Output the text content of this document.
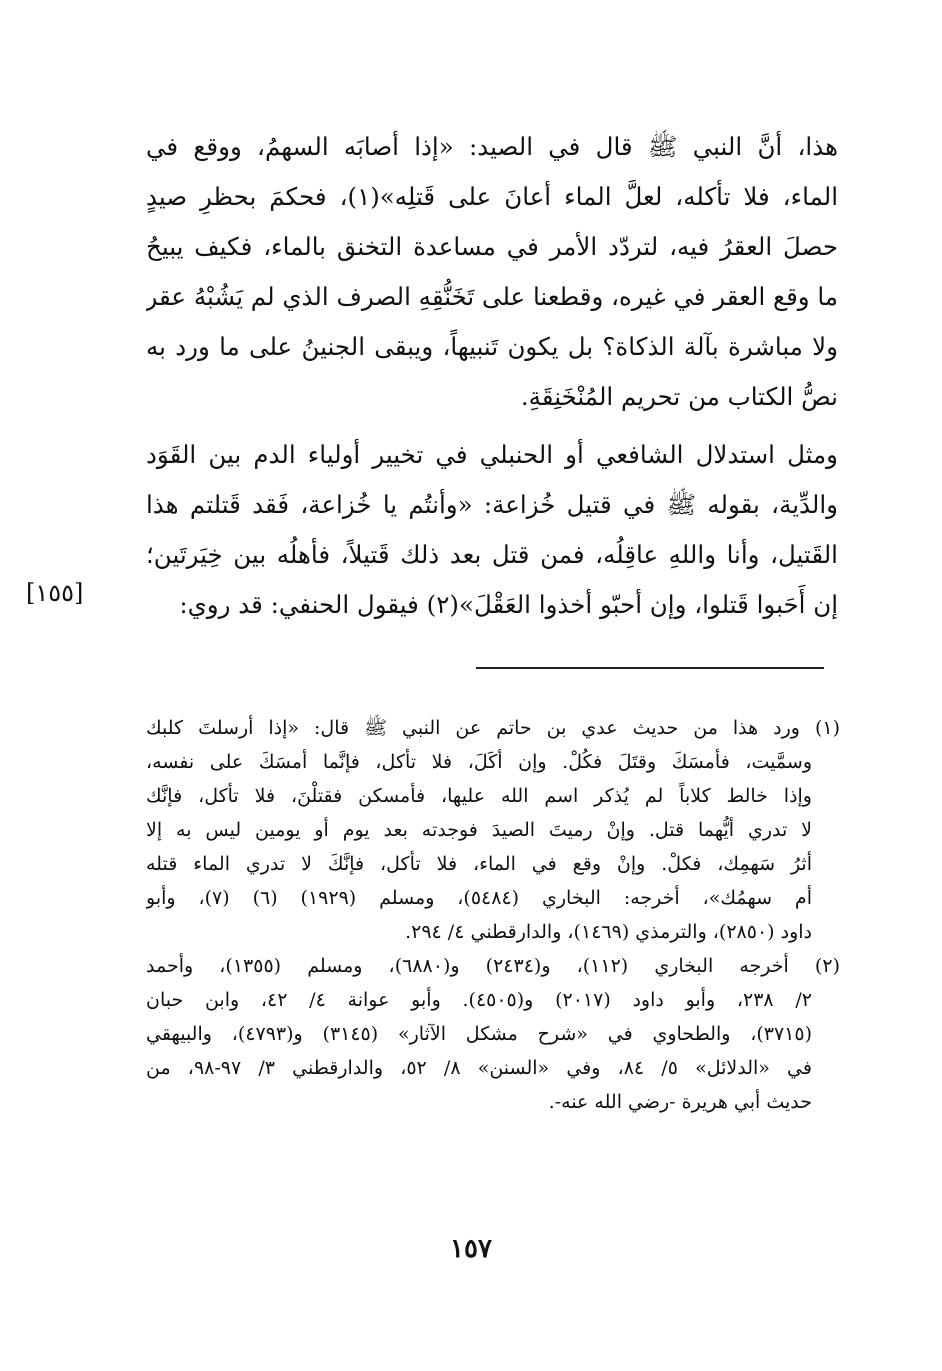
هذا، أنَّ النبي ﷺ قال في الصيد: «إذا أصابَه السهمُ، ووقع في
الماء، فلا تأكله، لعلَّ الماء أعانَ على قَتلِه»(١)، فحكمَ بحظرِ صيدٍ
حصلَ العقرُ فيه، لتردّد الأمر في مساعدة التخنق بالماء، فكيف يبيحُ
ما وقع العقر في غيره، وقطعنا على تَخَنُّقِهِ الصرف الذي لم يَشُبْهُ عقر
ولا مباشرة بآلة الذكاة؟ بل يكون تَنبيهاً، ويبقى الجنينُ على ما ورد به
نصُّ الكتاب من تحريم المُنْخَنِقَةِ.
ومثل استدلال الشافعي أو الحنبلي في تخيير أولياء الدم بين القَوَد
والدِّية، بقوله ﷺ في قتيل خُزاعة: «وأنتُم يا خُزاعة، فَقد قَتلتم هذا
القَتيل، وأنا واللهِ عاقِلُه، فمن قتل بعد ذلك قَتيلاً، فأهلُه بين خِيَرتَين؛
إن أَحَبوا قَتلوا، وإن أحبّو أخذوا العَقْلَ»(٢) فيقول الحنفي: قد روي:
[١٥٥]
(١) ورد هذا من حديث عدي بن حاتم عن النبي ﷺ قال: «إذا أرسلتَ كلبك
وسمَّيت، فأمسَكَ وقتَلَ فكُلْ. وإن أكَلَ، فلا تأكل، فإنَّما أمسَكَ على نفسه،
وإذا خالط كلاباً لم يُذكر اسم الله عليها، فأمسكن فقتلْنَ، فلا تأكل، فإنَّك
لا تدري أيُّهما قتل. وإنْ رميتَ الصيدَ فوجدته بعد يوم أو يومين ليس به إلا
أثرُ سَهمِك، فكلْ. وإنْ وقع في الماء، فلا تأكل، فإنَّكَ لا تدري الماء قتله
أم سهمُك»، أخرجه: البخاري (٥٤٨٤)، ومسلم (١٩٢٩) (٦) (٧)، وأبو
داود (٢٨٥٠)، والترمذي (١٤٦٩)، والدارقطني ٤/ ٢٩٤.
(٢) أخرجه البخاري (١١٢)، و(٢٤٣٤) و(٦٨٨٠)، ومسلم (١٣٥٥)، وأحمد
٢/ ٢٣٨، وأبو داود (٢٠١٧) و(٤٥٠٥). وأبو عوانة ٤/ ٤٢، وابن حبان
(٣٧١٥)، والطحاوي في «شرح مشكل الآثار» (٣١٤٥) و(٤٧٩٣)، والبيهقي
في «الدلائل» ٥/ ٨٤، وفي «السنن» ٨/ ٥٢، والدارقطني ٣/ ٩٧-٩٨، من
حديث أبي هريرة -رضي الله عنه-.
١٥٧
